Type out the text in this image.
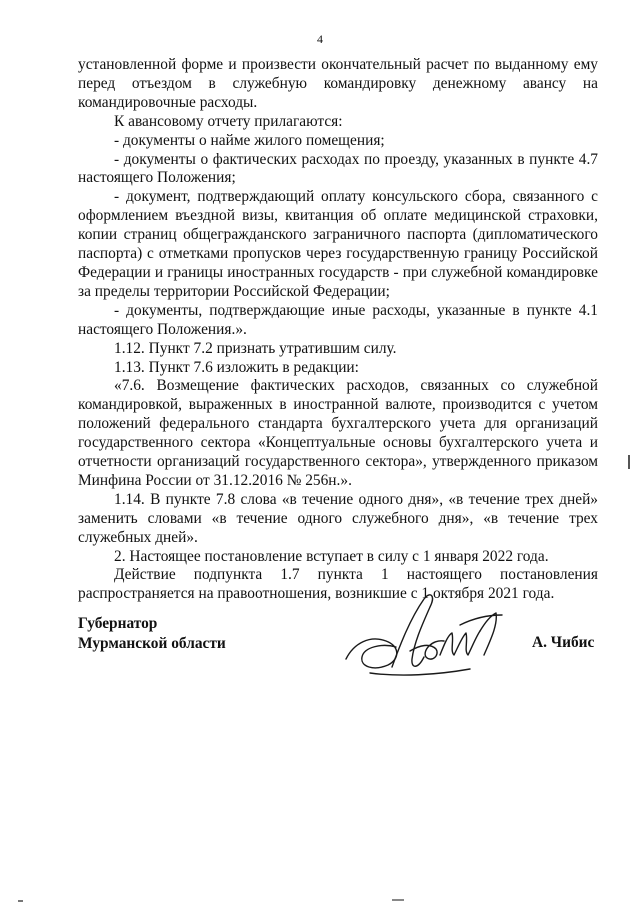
4

установленной форме и произвести окончательный расчет по выданному ему перед отъездом в служебную командировку денежному авансу на командировочные расходы.

К авансовому отчету прилагаются:

- документы о найме жилого помещения;

- документы о фактических расходах по проезду, указанных в пункте 4.7 настоящего Положения;

- документ, подтверждающий оплату консульского сбора, связанного с оформлением въездной визы, квитанция об оплате медицинской страховки, копии страниц общегражданского заграничного паспорта (дипломатического паспорта) с отметками пропусков через государственную границу Российской Федерации и границы иностранных государств - при служебной командировке за пределы территории Российской Федерации;

- документы, подтверждающие иные расходы, указанные в пункте 4.1 настоящего Положения.».

1.12. Пункт 7.2 признать утратившим силу.

1.13. Пункт 7.6 изложить в редакции:

«7.6. Возмещение фактических расходов, связанных со служебной командировкой, выраженных в иностранной валюте, производится с учетом положений федерального стандарта бухгалтерского учета для организаций государственного сектора «Концептуальные основы бухгалтерского учета и отчетности организаций государственного сектора», утвержденного приказом Минфина России от 31.12.2016 № 256н.».

1.14. В пункте 7.8 слова «в течение одного дня», «в течение трех дней» заменить словами «в течение одного служебного дня», «в течение трех служебных дней».

2. Настоящее постановление вступает в силу с 1 января 2022 года.

Действие подпункта 1.7 пункта 1 настоящего постановления распространяется на правоотношения, возникшие с 1 октября 2021 года.

Губернатор
Мурманской области	А. Чибис
